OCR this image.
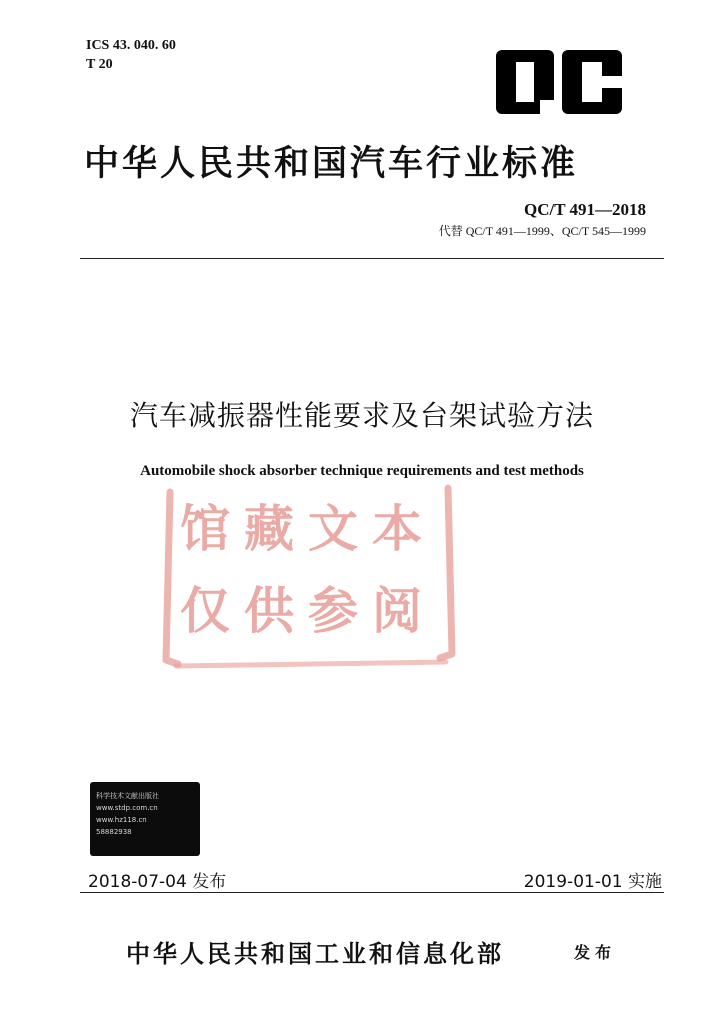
ICS 43. 040. 60
T 20
QC
中华人民共和国汽车行业标准
QC/T 491—2018
代替 QC/T 491—1999、QC/T 545—1999
汽车减振器性能要求及台架试验方法
Automobile shock absorber technique requirements and test methods
馆藏文本
仅供参阅
科学技术文献出版社
www.stdp.com.cn
www.hz118.cn
58882938
2018-07-04 发布	2019-01-01 实施
中华人民共和国工业和信息化部	发布
